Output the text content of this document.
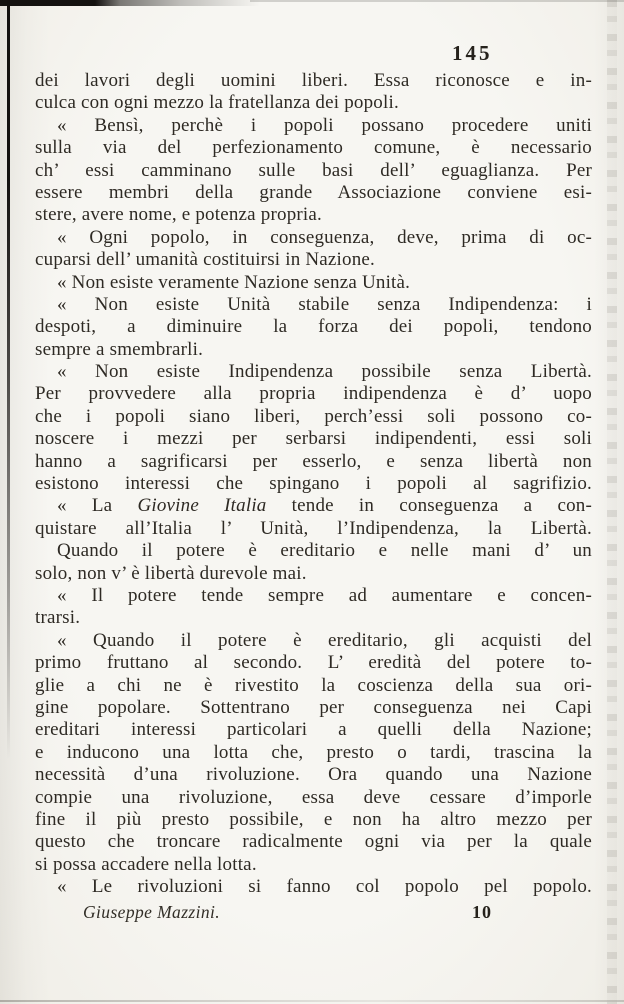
145
dei lavori degli uomini liberi. Essa riconosce e in-
culca con ogni mezzo la fratellanza dei popoli.
« Bensì, perchè i popoli possano procedere uniti
sulla via del perfezionamento comune, è necessario
ch’ essi camminano sulle basi dell’ eguaglianza. Per
essere membri della grande Associazione conviene esi-
stere, avere nome, e potenza propria.
« Ogni popolo, in conseguenza, deve, prima di oc-
cuparsi dell’ umanità costituirsi in Nazione.
« Non esiste veramente Nazione senza Unità.
« Non esiste Unità stabile senza Indipendenza: i
despoti, a diminuire la forza dei popoli, tendono
sempre a smembrarli.
« Non esiste Indipendenza possibile senza Libertà.
Per provvedere alla propria indipendenza è d’ uopo
che i popoli siano liberi, perch’essi soli possono co-
noscere i mezzi per serbarsi indipendenti, essi soli
hanno a sagrificarsi per esserlo, e senza libertà non
esistono interessi che spingano i popoli al sagrifizio.
« La Giovine Italia tende in conseguenza a con-
quistare all’Italia l’ Unità, l’Indipendenza, la Libertà.
Quando il potere è ereditario e nelle mani d’ un
solo, non v’ è libertà durevole mai.
« Il potere tende sempre ad aumentare e concen-
trarsi.
« Quando il potere è ereditario, gli acquisti del
primo fruttano al secondo. L’ eredità del potere to-
glie a chi ne è rivestito la coscienza della sua ori-
gine popolare. Sottentrano per conseguenza nei Capi
ereditari interessi particolari a quelli della Nazione;
e inducono una lotta che, presto o tardi, trascina la
necessità d’una rivoluzione. Ora quando una Nazione
compie una rivoluzione, essa deve cessare d’imporle
fine il più presto possibile, e non ha altro mezzo per
questo che troncare radicalmente ogni via per la quale
si possa accadere nella lotta.
« Le rivoluzioni si fanno col popolo pel popolo.
Giuseppe Mazzini.	10
